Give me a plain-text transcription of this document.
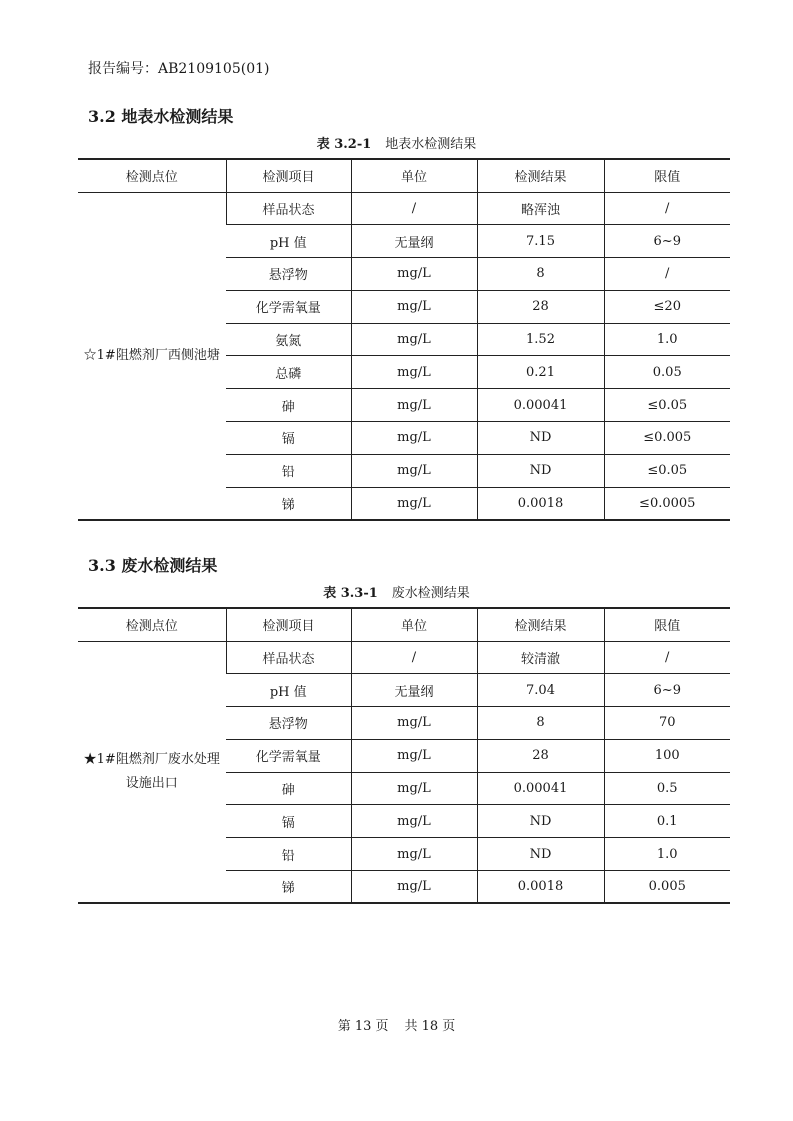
报告编号：AB2109105(01)
3.2 地表水检测结果
表 3.2-1 地表水检测结果
检测点位	检测项目	单位	检测结果	限值
☆1#阻燃剂厂西侧池塘	样品状态	/	略浑浊	/
	pH 值	无量纲	7.15	6~9
	悬浮物	mg/L	8	/
	化学需氧量	mg/L	28	≤20
	氨氮	mg/L	1.52	1.0
	总磷	mg/L	0.21	0.05
	砷	mg/L	0.00041	≤0.05
	镉	mg/L	ND	≤0.005
	铅	mg/L	ND	≤0.05
	锑	mg/L	0.0018	≤0.0005
3.3 废水检测结果
表 3.3-1 废水检测结果
检测点位	检测项目	单位	检测结果	限值
★1#阻燃剂厂废水处理设施出口	样品状态	/	较清澈	/
	pH 值	无量纲	7.04	6~9
	悬浮物	mg/L	8	70
	化学需氧量	mg/L	28	100
	砷	mg/L	0.00041	0.5
	镉	mg/L	ND	0.1
	铅	mg/L	ND	1.0
	锑	mg/L	0.0018	0.005
第 13 页 共 18 页
